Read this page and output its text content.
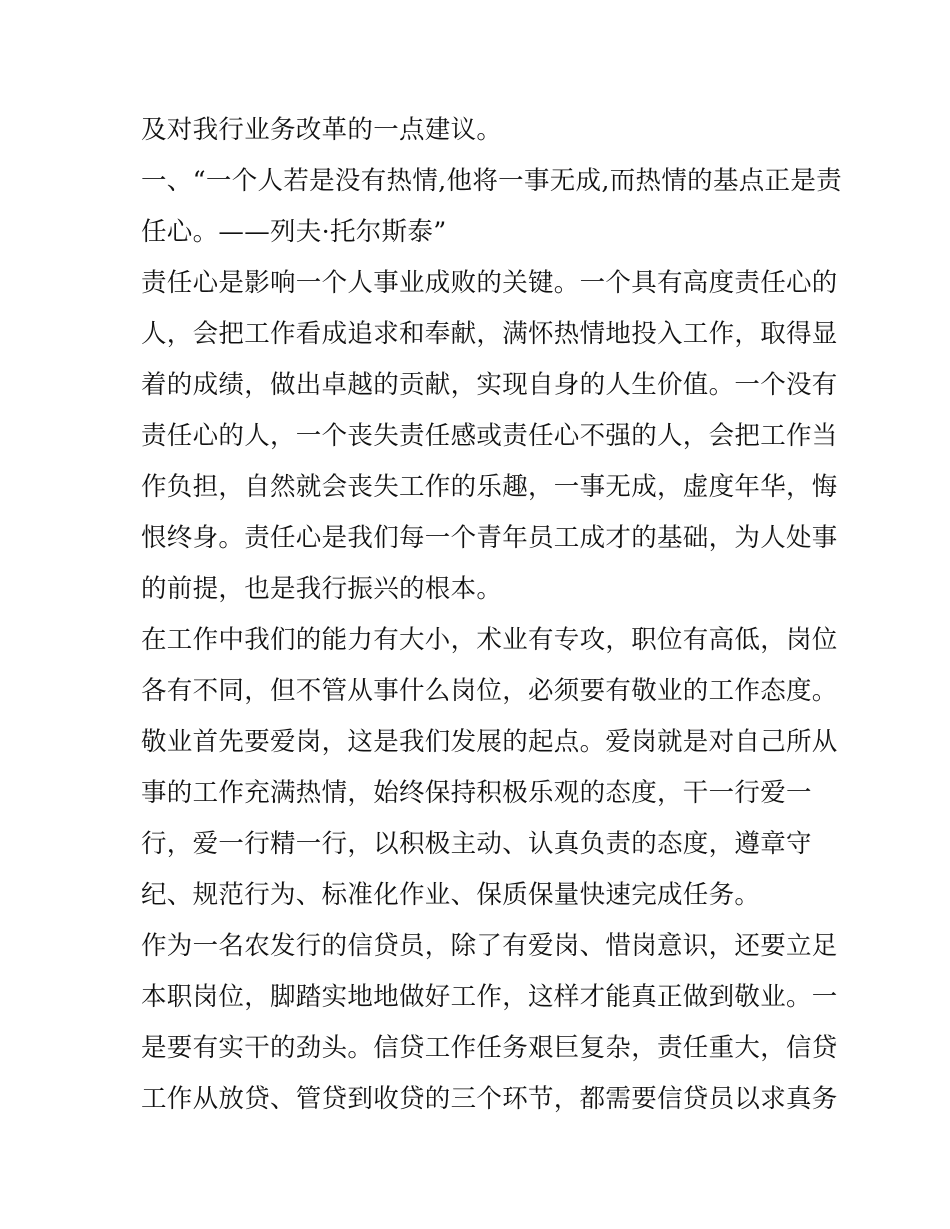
及对我行业务改革的一点建议。
一、“一个人若是没有热情,他将一事无成,而热情的基点正是责
任心。——列夫·托尔斯泰”
责任心是影响一个人事业成败的关键。一个具有高度责任心的
人，会把工作看成追求和奉献，满怀热情地投入工作，取得显
着的成绩，做出卓越的贡献，实现自身的人生价值。一个没有
责任心的人，一个丧失责任感或责任心不强的人，会把工作当
作负担，自然就会丧失工作的乐趣，一事无成，虚度年华，悔
恨终身。责任心是我们每一个青年员工成才的基础，为人处事
的前提，也是我行振兴的根本。
在工作中我们的能力有大小，术业有专攻，职位有高低，岗位
各有不同，但不管从事什么岗位，必须要有敬业的工作态度。
敬业首先要爱岗，这是我们发展的起点。爱岗就是对自己所从
事的工作充满热情，始终保持积极乐观的态度，干一行爱一
行，爱一行精一行，以积极主动、认真负责的态度，遵章守
纪、规范行为、标准化作业、保质保量快速完成任务。
作为一名农发行的信贷员，除了有爱岗、惜岗意识，还要立足
本职岗位，脚踏实地地做好工作，这样才能真正做到敬业。一
是要有实干的劲头。信贷工作任务艰巨复杂，责任重大，信贷
工作从放贷、管贷到收贷的三个环节，都需要信贷员以求真务
